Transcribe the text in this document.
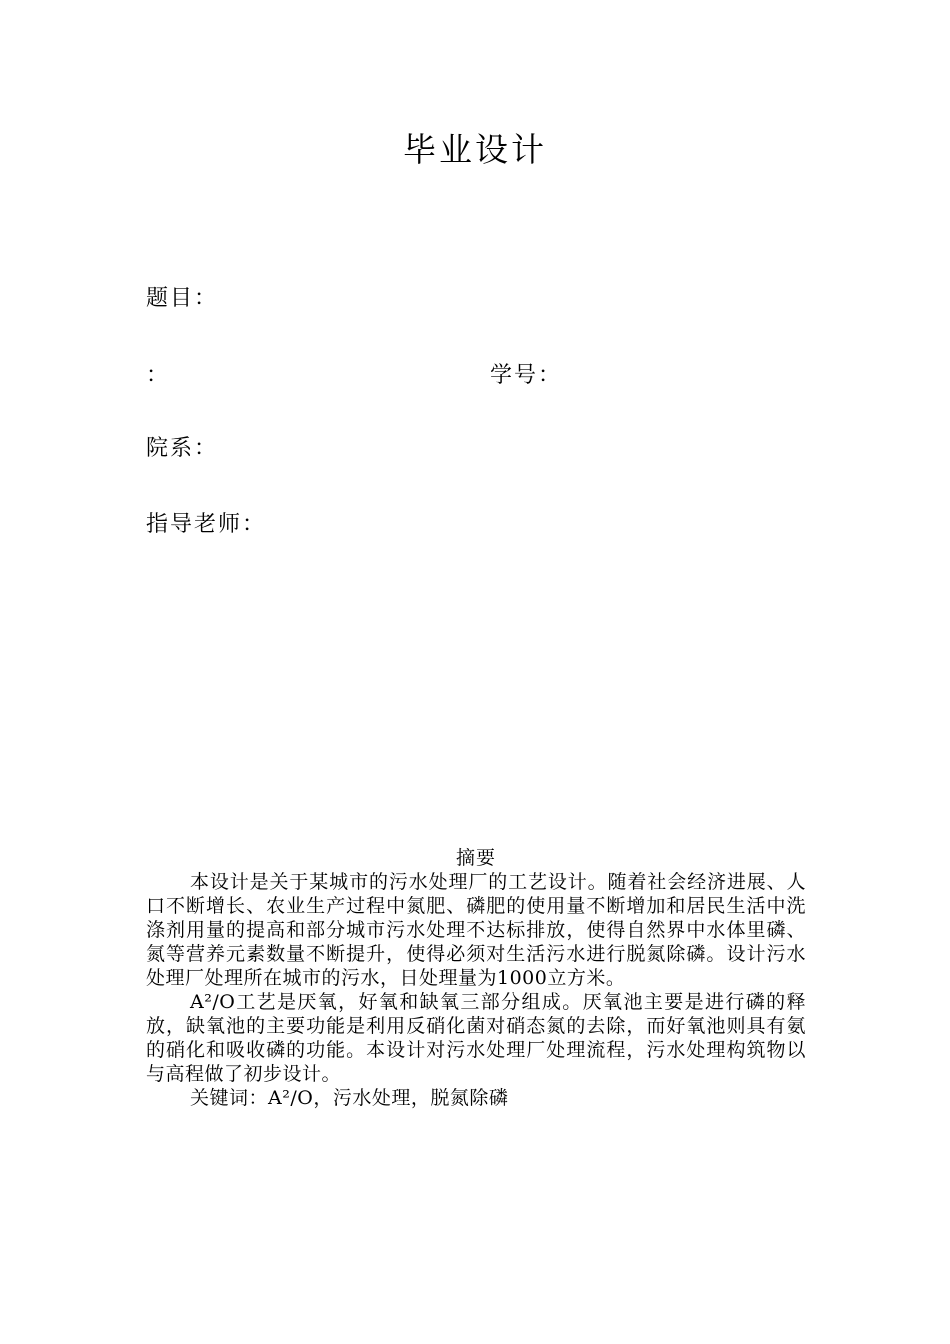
毕业设计
题目：
：	学号：
院系：
指导老师：

摘要

本设计是关于某城市的污水处理厂的工艺设计。随着社会经济进展、人口不断增长、农业生产过程中氮肥、磷肥的使用量不断增加和居民生活中洗涤剂用量的提高和部分城市污水处理不达标排放，使得自然界中水体里磷、氮等营养元素数量不断提升，使得必须对生活污水进行脱氮除磷。设计污水处理厂处理所在城市的污水，日处理量为1000立方米。

A²/O工艺是厌氧，好氧和缺氧三部分组成。厌氧池主要是进行磷的释放，缺氧池的主要功能是利用反硝化菌对硝态氮的去除，而好氧池则具有氨的硝化和吸收磷的功能。本设计对污水处理厂处理流程，污水处理构筑物以与高程做了初步设计。

关键词：A²/O，污水处理，脱氮除磷
